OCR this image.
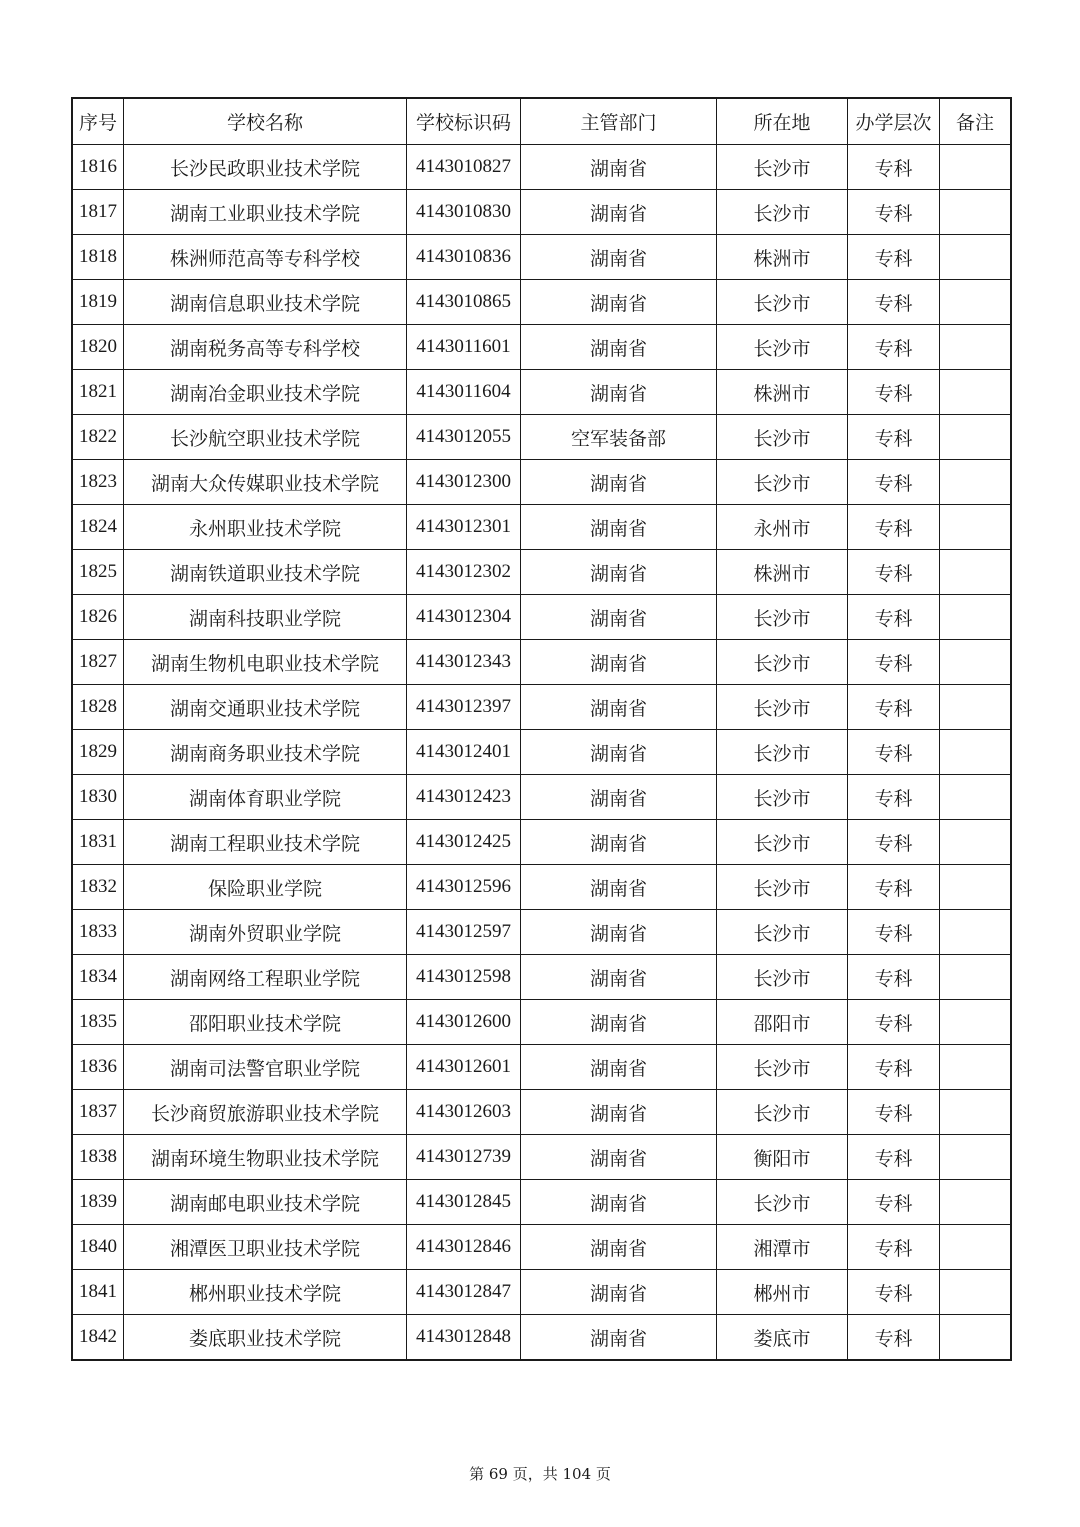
序号	学校名称	学校标识码	主管部门	所在地	办学层次	备注
1816	长沙民政职业技术学院	4143010827	湖南省	长沙市	专科	
1817	湖南工业职业技术学院	4143010830	湖南省	长沙市	专科	
1818	株洲师范高等专科学校	4143010836	湖南省	株洲市	专科	
1819	湖南信息职业技术学院	4143010865	湖南省	长沙市	专科	
1820	湖南税务高等专科学校	4143011601	湖南省	长沙市	专科	
1821	湖南冶金职业技术学院	4143011604	湖南省	株洲市	专科	
1822	长沙航空职业技术学院	4143012055	空军装备部	长沙市	专科	
1823	湖南大众传媒职业技术学院	4143012300	湖南省	长沙市	专科	
1824	永州职业技术学院	4143012301	湖南省	永州市	专科	
1825	湖南铁道职业技术学院	4143012302	湖南省	株洲市	专科	
1826	湖南科技职业学院	4143012304	湖南省	长沙市	专科	
1827	湖南生物机电职业技术学院	4143012343	湖南省	长沙市	专科	
1828	湖南交通职业技术学院	4143012397	湖南省	长沙市	专科	
1829	湖南商务职业技术学院	4143012401	湖南省	长沙市	专科	
1830	湖南体育职业学院	4143012423	湖南省	长沙市	专科	
1831	湖南工程职业技术学院	4143012425	湖南省	长沙市	专科	
1832	保险职业学院	4143012596	湖南省	长沙市	专科	
1833	湖南外贸职业学院	4143012597	湖南省	长沙市	专科	
1834	湖南网络工程职业学院	4143012598	湖南省	长沙市	专科	
1835	邵阳职业技术学院	4143012600	湖南省	邵阳市	专科	
1836	湖南司法警官职业学院	4143012601	湖南省	长沙市	专科	
1837	长沙商贸旅游职业技术学院	4143012603	湖南省	长沙市	专科	
1838	湖南环境生物职业技术学院	4143012739	湖南省	衡阳市	专科	
1839	湖南邮电职业技术学院	4143012845	湖南省	长沙市	专科	
1840	湘潭医卫职业技术学院	4143012846	湖南省	湘潭市	专科	
1841	郴州职业技术学院	4143012847	湖南省	郴州市	专科	
1842	娄底职业技术学院	4143012848	湖南省	娄底市	专科	
第 69 页，共 104 页
